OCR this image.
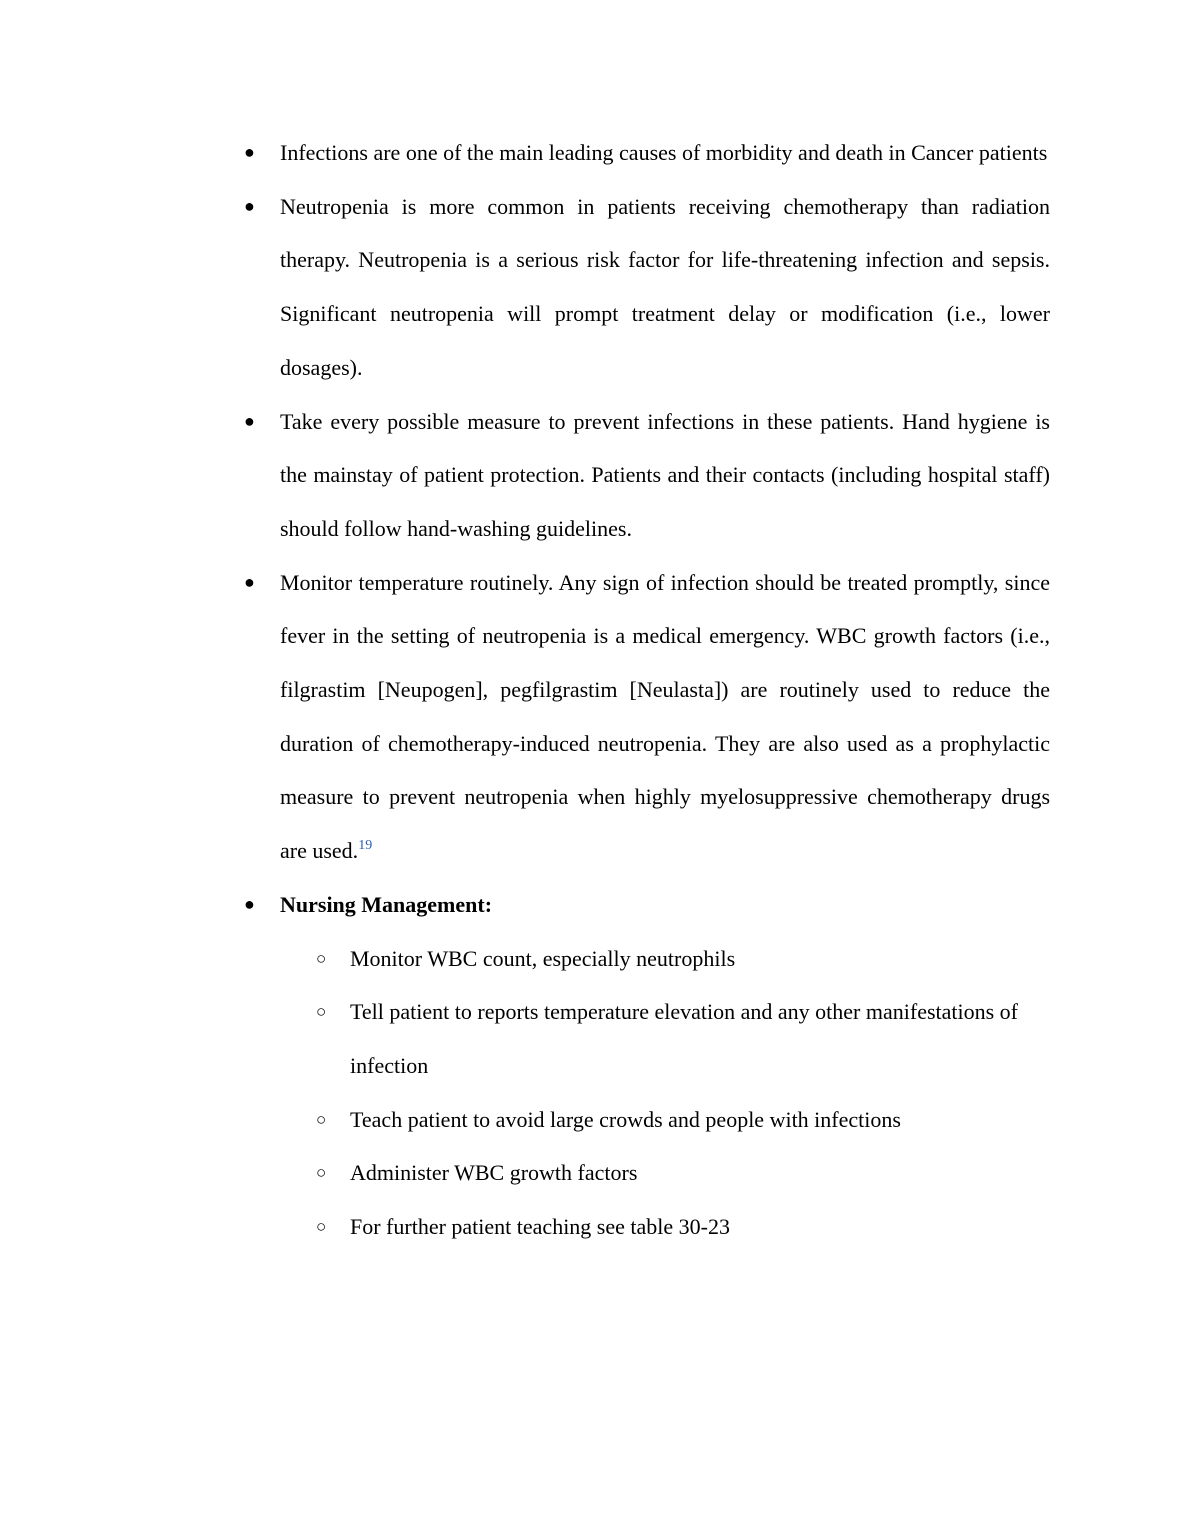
●	Infections are one of the main leading causes of morbidity and death in Cancer patients
●	Neutropenia is more common in patients receiving chemotherapy than radiation therapy. Neutropenia is a serious risk factor for life-threatening infection and sepsis. Significant neutropenia will prompt treatment delay or modification (i.e., lower dosages).
●	Take every possible measure to prevent infections in these patients. Hand hygiene is the mainstay of patient protection. Patients and their contacts (including hospital staff) should follow hand-washing guidelines.
●	Monitor temperature routinely. Any sign of infection should be treated promptly, since fever in the setting of neutropenia is a medical emergency. WBC growth factors (i.e., filgrastim [Neupogen], pegfilgrastim [Neulasta]) are routinely used to reduce the duration of chemotherapy-induced neutropenia. They are also used as a prophylactic measure to prevent neutropenia when highly myelosuppressive chemotherapy drugs are used.$^{19}$
●	Nursing Management:
○	Monitor WBC count, especially neutrophils
○	Tell patient to reports temperature elevation and any other manifestations of infection
○	Teach patient to avoid large crowds and people with infections
○	Administer WBC growth factors
○	For further patient teaching see table 30-23
